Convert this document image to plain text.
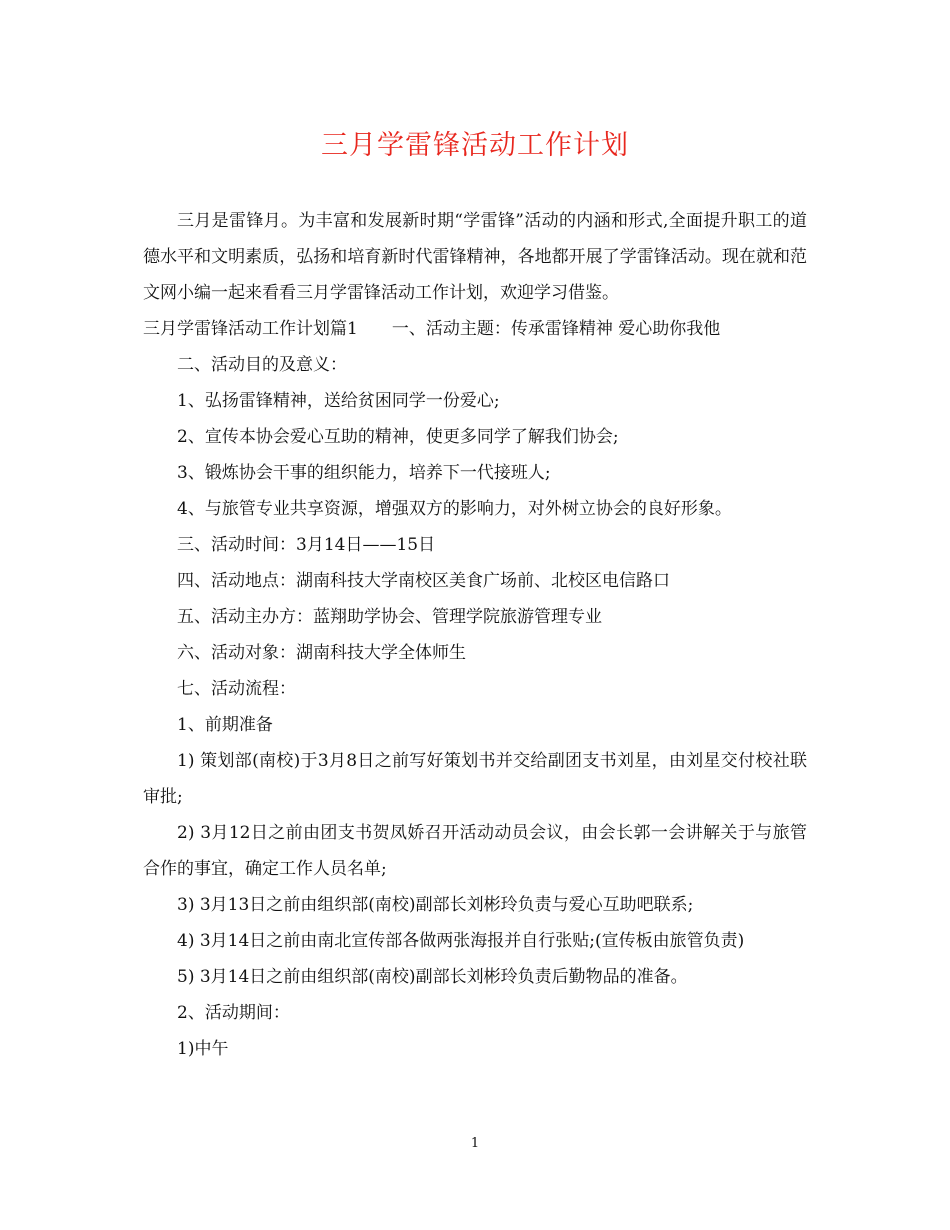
三月学雷锋活动工作计划

三月是雷锋月。为丰富和发展新时期“学雷锋”活动的内涵和形式,全面提升职工的道德水平和文明素质，弘扬和培育新时代雷锋精神，各地都开展了学雷锋活动。现在就和范文网小编一起来看看三月学雷锋活动工作计划，欢迎学习借鉴。

三月学雷锋活动工作计划篇1　　一、活动主题：传承雷锋精神 爱心助你我他

二、活动目的及意义：

1、弘扬雷锋精神，送给贫困同学一份爱心;

2、宣传本协会爱心互助的精神，使更多同学了解我们协会;

3、锻炼协会干事的组织能力，培养下一代接班人;

4、与旅管专业共享资源，增强双方的影响力，对外树立协会的良好形象。

三、活动时间：3月14日——15日

四、活动地点：湖南科技大学南校区美食广场前、北校区电信路口

五、活动主办方：蓝翔助学协会、管理学院旅游管理专业

六、活动对象：湖南科技大学全体师生

七、活动流程：

1、前期准备

1) 策划部(南校)于3月8日之前写好策划书并交给副团支书刘星，由刘星交付校社联审批;

2) 3月12日之前由团支书贺凤娇召开活动动员会议，由会长郭一会讲解关于与旅管合作的事宜，确定工作人员名单;

3) 3月13日之前由组织部(南校)副部长刘彬玲负责与爱心互助吧联系;

4) 3月14日之前由南北宣传部各做两张海报并自行张贴;(宣传板由旅管负责)

5) 3月14日之前由组织部(南校)副部长刘彬玲负责后勤物品的准备。

2、活动期间：

1)中午

1
